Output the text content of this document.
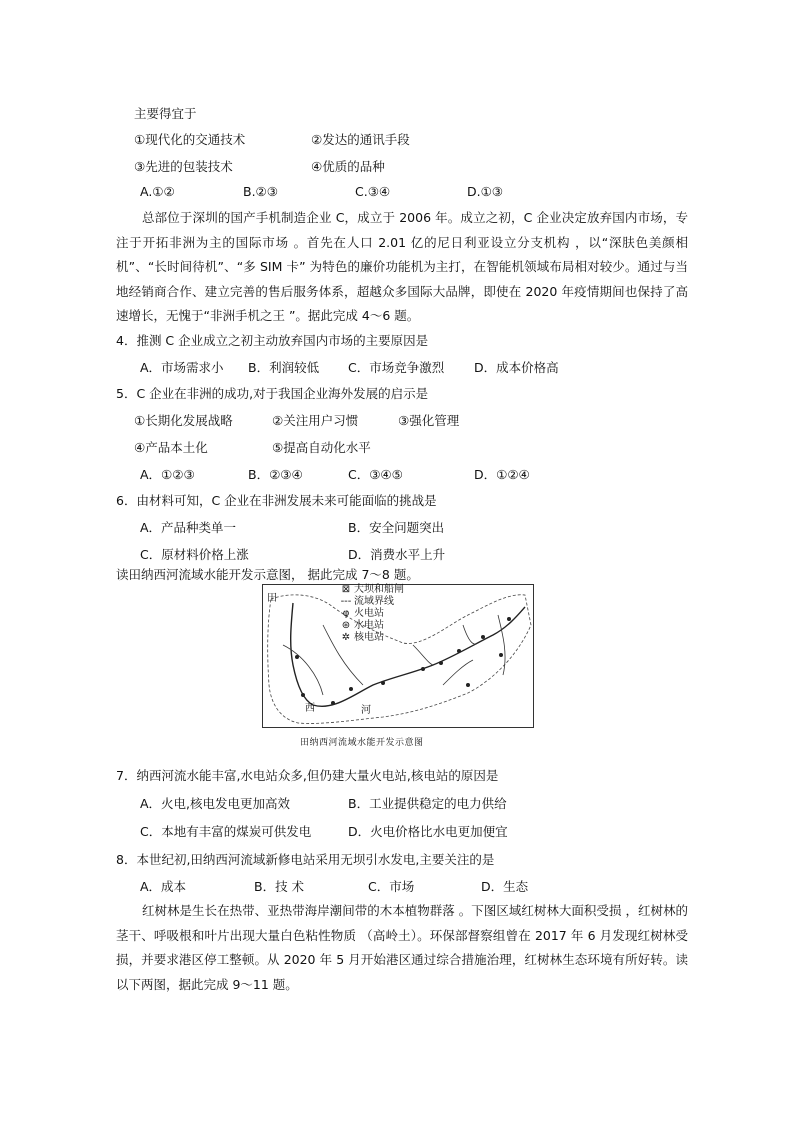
主要得宜于
①现代化的交通技术	②发达的通讯手段
③先进的包装技术	④优质的品种
A.①②	B.②③	C.③④	D.①③
总部位于深圳的国产手机制造企业 C，成立于 2006 年。成立之初，C 企业决定放弃国内市场，专注于开拓非洲为主的国际市场 。首先在人口 2.01 亿的尼日利亚设立分支机构 ，以“深肤色美颜相机”、“长时间待机”、“多 SIM 卡” 为特色的廉价功能机为主打，在智能机领域布局相对较少。通过与当地经销商合作、建立完善的售后服务体系，超越众多国际大品牌，即使在 2020 年疫情期间也保持了高速增长，无愧于“非洲手机之王 ”。据此完成 4～6 题。
4．推测 C 企业成立之初主动放弃国内市场的主要原因是
A．市场需求小 B．利润较低 C．市场竞争激烈 D．成本价格高
5．C 企业在非洲的成功,对于我国企业海外发展的启示是
①长期化发展战略	②关注用户习惯	③强化管理
④产品本土化	⑤提高自动化水平
A．①②③	B．②③④	C．③④⑤	D．①②④
6．由材料可知，C 企业在非洲发展未来可能面临的挑战是
A．产品种类单一	B．安全问题突出
C．原材料价格上涨	D．消费水平上升
读田纳西河流域水能开发示意图， 据此完成 7～8 题。
田
西	河
⊠ 大坝和船闸
--- 流域界线
φ 火电站
⊛ 水电站
✲ 核电站
田纳西河流域水能开发示意图
7．纳西河流水能丰富,水电站众多,但仍建大量火电站,核电站的原因是
A．火电,核电发电更加高效	B．工业提供稳定的电力供给
C．本地有丰富的煤炭可供发电	D．火电价格比水电更加便宜
8．本世纪初,田纳西河流域新修电站采用无坝引水发电,主要关注的是
A．成本	B．技 术	C．市场	D．生态
红树林是生长在热带、亚热带海岸潮间带的木本植物群落 。下图区域红树林大面积受损 ，红树林的茎干、呼吸根和叶片出现大量白色粘性物质 （高岭土）。环保部督察组曾在 2017 年 6 月发现红树林受损，并要求港区停工整顿。从 2020 年 5 月开始港区通过综合措施治理，红树林生态环境有所好转。读以下两图，据此完成 9～11 题。
